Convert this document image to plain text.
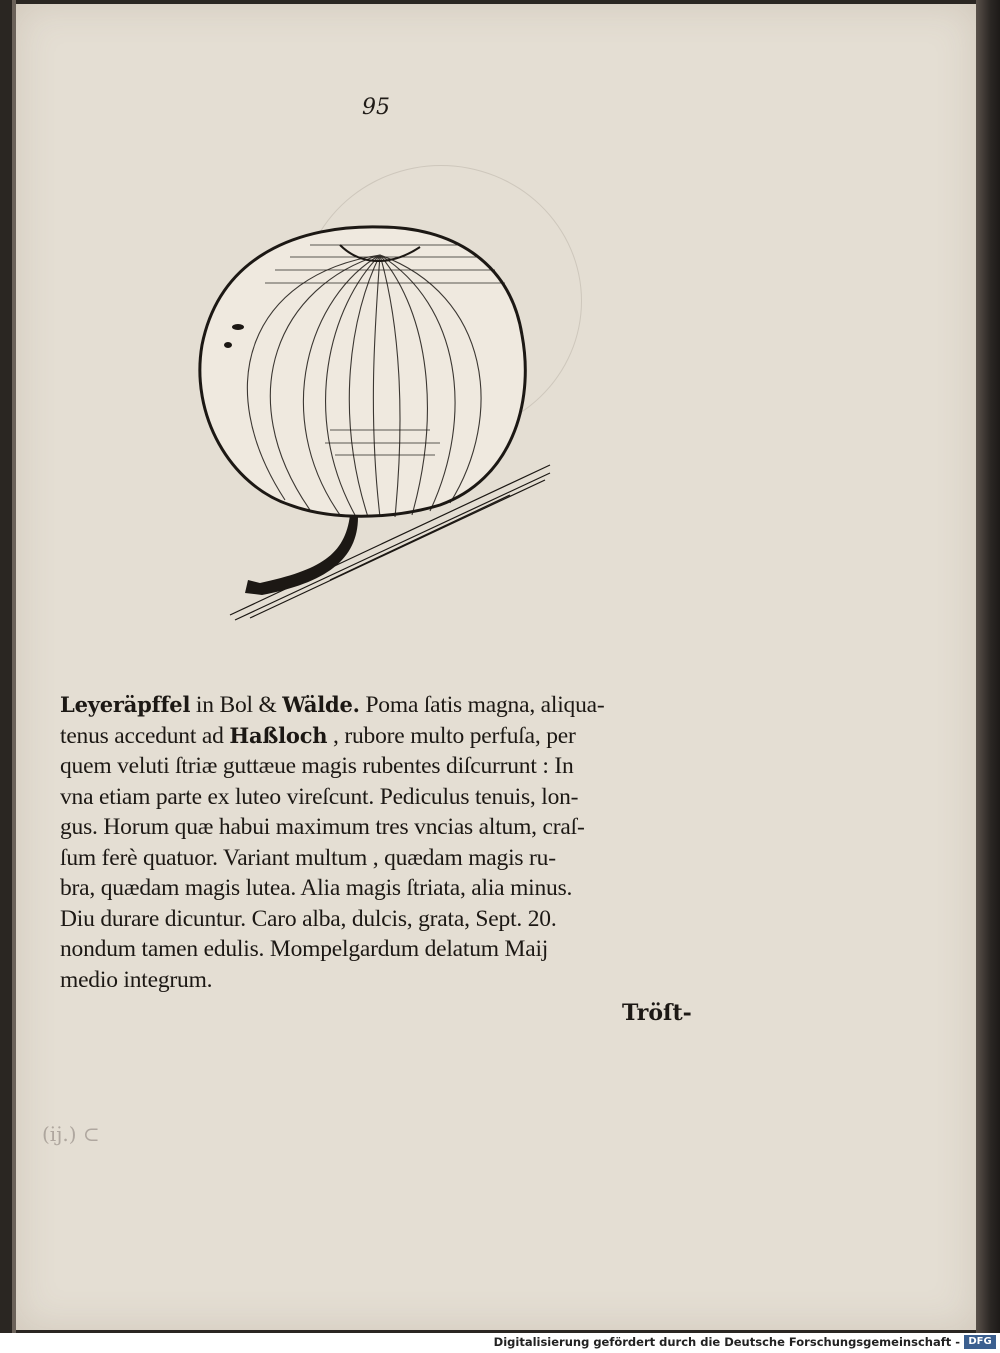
95
Leyeräpffel in Bol & Wälde. Poma ſatis magna, aliqua-
tenus accedunt ad Haßloch , rubore multo perfuſa, per
quem veluti ſtriæ guttæue magis rubentes diſcurrunt : In
vna etiam parte ex luteo vireſcunt. Pediculus tenuis, lon-
gus. Horum quæ habui maximum tres vncias altum, craſ-
ſum ferè quatuor. Variant multum , quædam magis ru-
bra, quædam magis lutea. Alia magis ſtriata, alia minus.
Diu durare dicuntur. Caro alba, dulcis, grata, Sept. 20.
nondum tamen edulis. Mompelgardum delatum Maij
medio integrum.
Tröſt-
(ij.) ⊂
Digitalisierung gefördert durch die Deutsche Forschungsgemeinschaft - DFG
